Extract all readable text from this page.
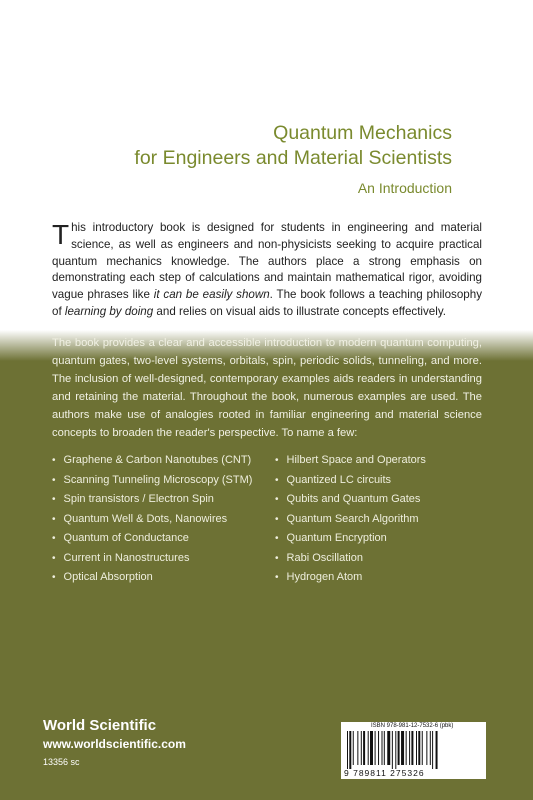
Quantum Mechanics
for Engineers and Material Scientists
An Introduction
This introductory book is designed for students in engineering and material science, as well as engineers and non-physicists seeking to acquire practical quantum mechanics knowledge. The authors place a strong emphasis on demonstrating each step of calculations and maintain mathematical rigor, avoiding vague phrases like it can be easily shown. The book follows a teaching philosophy of learning by doing and relies on visual aids to illustrate concepts effectively.
The book provides a clear and accessible introduction to modern quantum computing, quantum gates, two-level systems, orbitals, spin, periodic solids, tunneling, and more. The inclusion of well-designed, contemporary examples aids readers in understanding and retaining the material. Throughout the book, numerous examples are used. The authors make use of analogies rooted in familiar engineering and material science concepts to broaden the reader's perspective. To name a few:
• Graphene & Carbon Nanotubes (CNT)
• Scanning Tunneling Microscopy (STM)
• Spin transistors / Electron Spin
• Quantum Well & Dots, Nanowires
• Quantum of Conductance
• Current in Nanostructures
• Optical Absorption
• Hilbert Space and Operators
• Quantized LC circuits
• Qubits and Quantum Gates
• Quantum Search Algorithm
• Quantum Encryption
• Rabi Oscillation
• Hydrogen Atom
World Scientific
www.worldscientific.com
13356 sc
ISBN 978-981-12-7532-6 (pbk)
9 789811 275326
